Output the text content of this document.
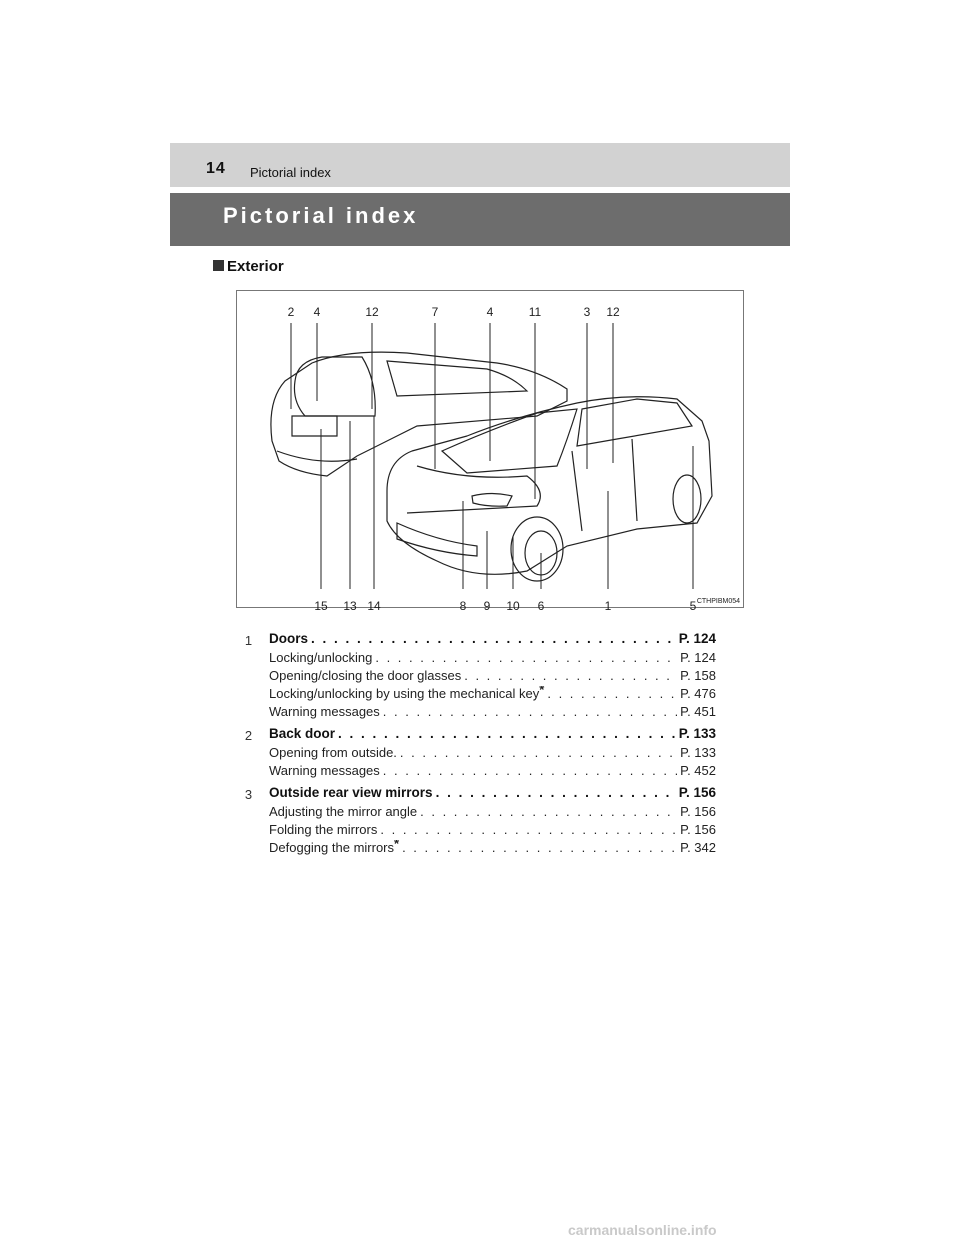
14 Pictorial index
Pictorial index
Exterior
2	4	12	7	4	11	3	12
15 13 14	8	9	10	6	1	5 CTHPIBM054
1	Doors . . .	P. 124
Locking/unlocking . . .	P. 124
Opening/closing the door glasses . . .	P. 158
Locking/unlocking by using the mechanical key* . . .	P. 476
Warning messages . . .	P. 451
2	Back door . . .	P. 133
Opening from outside. . . .	P. 133
Warning messages . . .	P. 452
3	Outside rear view mirrors . . .	P. 156
Adjusting the mirror angle . . .	P. 156
Folding the mirrors . . .	P. 156
Defogging the mirrors* . . .	P. 342
carmanualsonline.info
